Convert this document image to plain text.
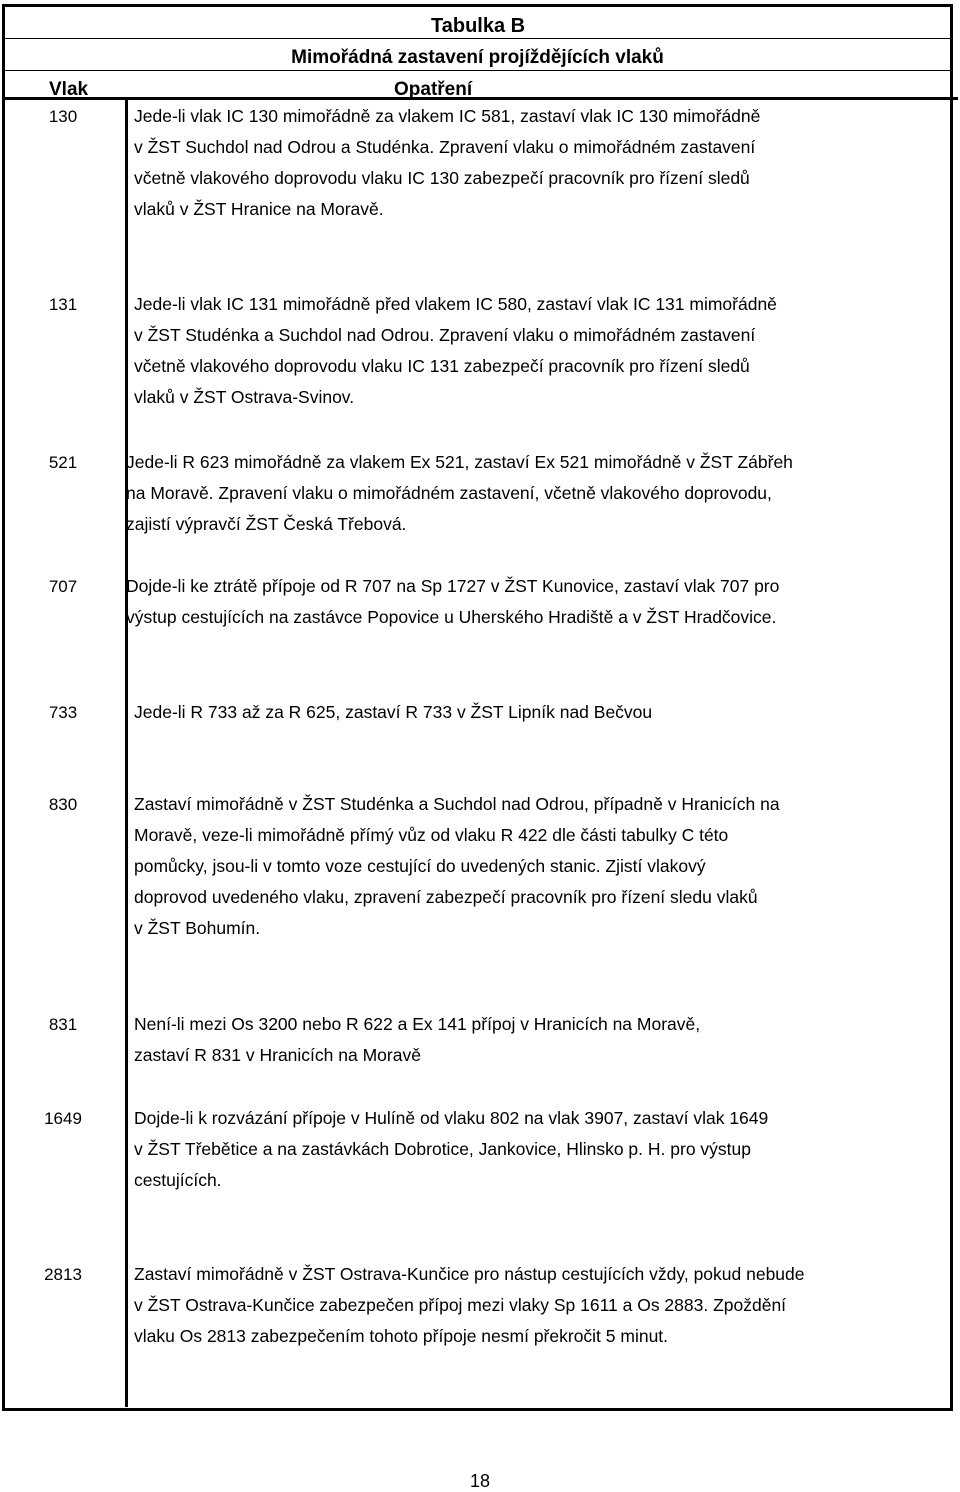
Tabulka B
Mimořádná zastavení projíždějících vlaků
Vlak	Opatření
130	Jede-li vlak IC 130 mimořádně za vlakem IC 581, zastaví vlak IC 130 mimořádně
v ŽST Suchdol nad Odrou a Studénka. Zpravení vlaku o mimořádném zastavení
včetně vlakového doprovodu vlaku IC 130 zabezpečí pracovník pro řízení sledů
vlaků v ŽST Hranice na Moravě.
131	Jede-li vlak IC 131 mimořádně před vlakem IC 580, zastaví vlak IC 131 mimořádně
v ŽST Studénka a Suchdol nad Odrou. Zpravení vlaku o mimořádném zastavení
včetně vlakového doprovodu vlaku IC 131 zabezpečí pracovník pro řízení sledů
vlaků v ŽST Ostrava-Svinov.
521	Jede-li R 623 mimořádně za vlakem Ex 521, zastaví Ex 521 mimořádně v ŽST Zábřeh
na Moravě. Zpravení vlaku o mimořádném zastavení, včetně vlakového doprovodu,
zajistí výpravčí ŽST Česká Třebová.
707	Dojde-li ke ztrátě přípoje od R 707 na Sp 1727 v ŽST Kunovice, zastaví vlak 707 pro
výstup cestujících na zastávce Popovice u Uherského Hradiště a v ŽST Hradčovice.
733	Jede-li R 733 až za R 625, zastaví R 733 v ŽST Lipník nad Bečvou
830	Zastaví mimořádně v ŽST Studénka a Suchdol nad Odrou, případně v Hranicích na
Moravě, veze-li mimořádně přímý vůz od vlaku R 422 dle části tabulky C této
pomůcky, jsou-li v tomto voze cestující do uvedených stanic. Zjistí vlakový
doprovod uvedeného vlaku, zpravení zabezpečí pracovník pro řízení sledu vlaků
v ŽST Bohumín.
831	Není-li mezi Os 3200 nebo R 622 a Ex 141 přípoj v Hranicích na Moravě,
zastaví R 831 v Hranicích na Moravě
1649	Dojde-li k rozvázání přípoje v Hulíně od vlaku 802 na vlak 3907, zastaví vlak 1649
v ŽST Třebětice a na zastávkách Dobrotice, Jankovice, Hlinsko p. H. pro výstup
cestujících.
2813	Zastaví mimořádně v ŽST Ostrava-Kunčice pro nástup cestujících vždy, pokud nebude
v ŽST Ostrava-Kunčice zabezpečen přípoj mezi vlaky Sp 1611 a Os 2883. Zpoždění
vlaku Os 2813 zabezpečením tohoto přípoje nesmí překročit 5 minut.
18
